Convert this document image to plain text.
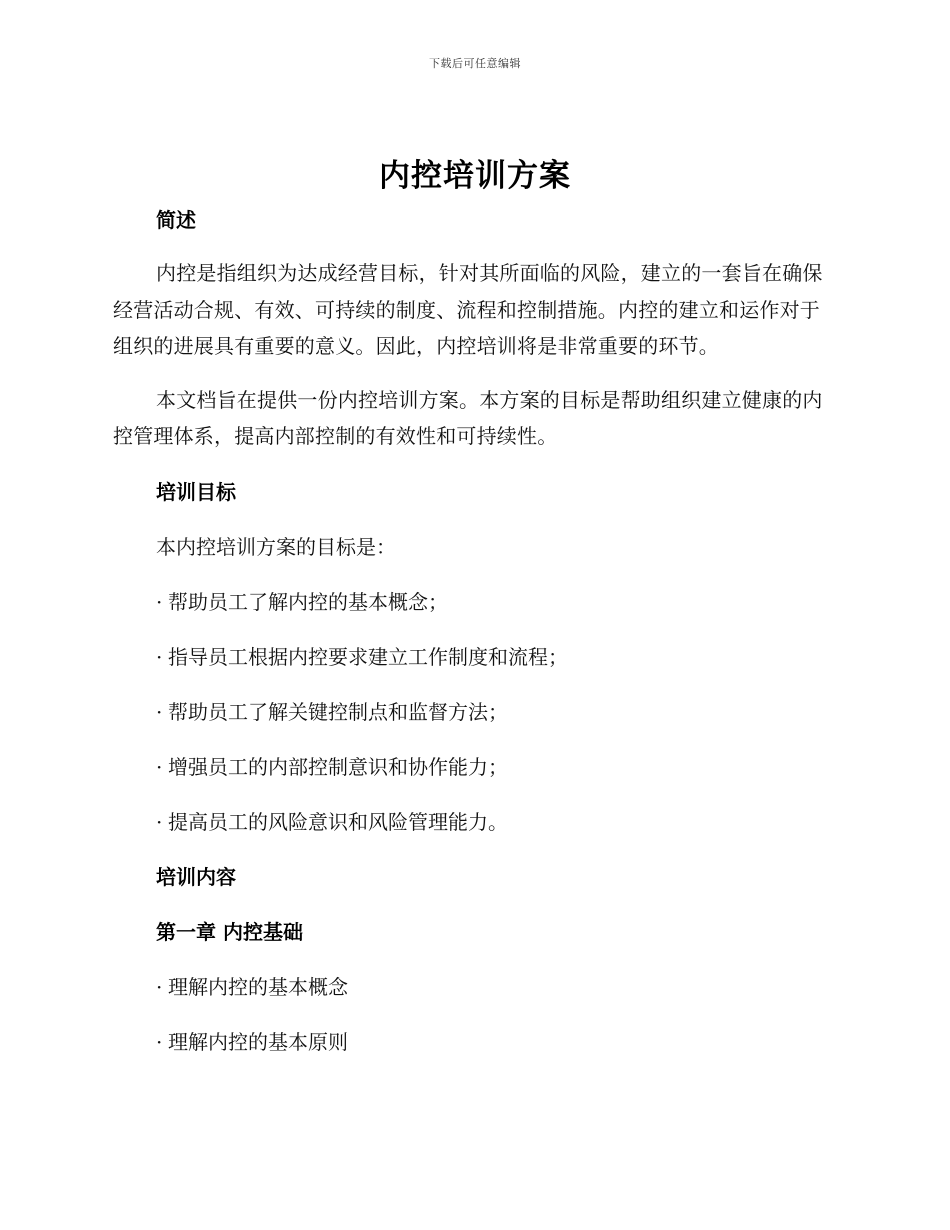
下载后可任意编辑
内控培训方案
简述

内控是指组织为达成经营目标，针对其所面临的风险，建立的一套旨在确保经营活动合规、有效、可持续的制度、流程和控制措施。内控的建立和运作对于组织的进展具有重要的意义。因此，内控培训将是非常重要的环节。

本文档旨在提供一份内控培训方案。本方案的目标是帮助组织建立健康的内控管理体系，提高内部控制的有效性和可持续性。

培训目标
本内控培训方案的目标是：
· 帮助员工了解内控的基本概念；
· 指导员工根据内控要求建立工作制度和流程；
· 帮助员工了解关键控制点和监督方法；
· 增强员工的内部控制意识和协作能力；
· 提高员工的风险意识和风险管理能力。
培训内容
第一章 内控基础
· 理解内控的基本概念
· 理解内控的基本原则
